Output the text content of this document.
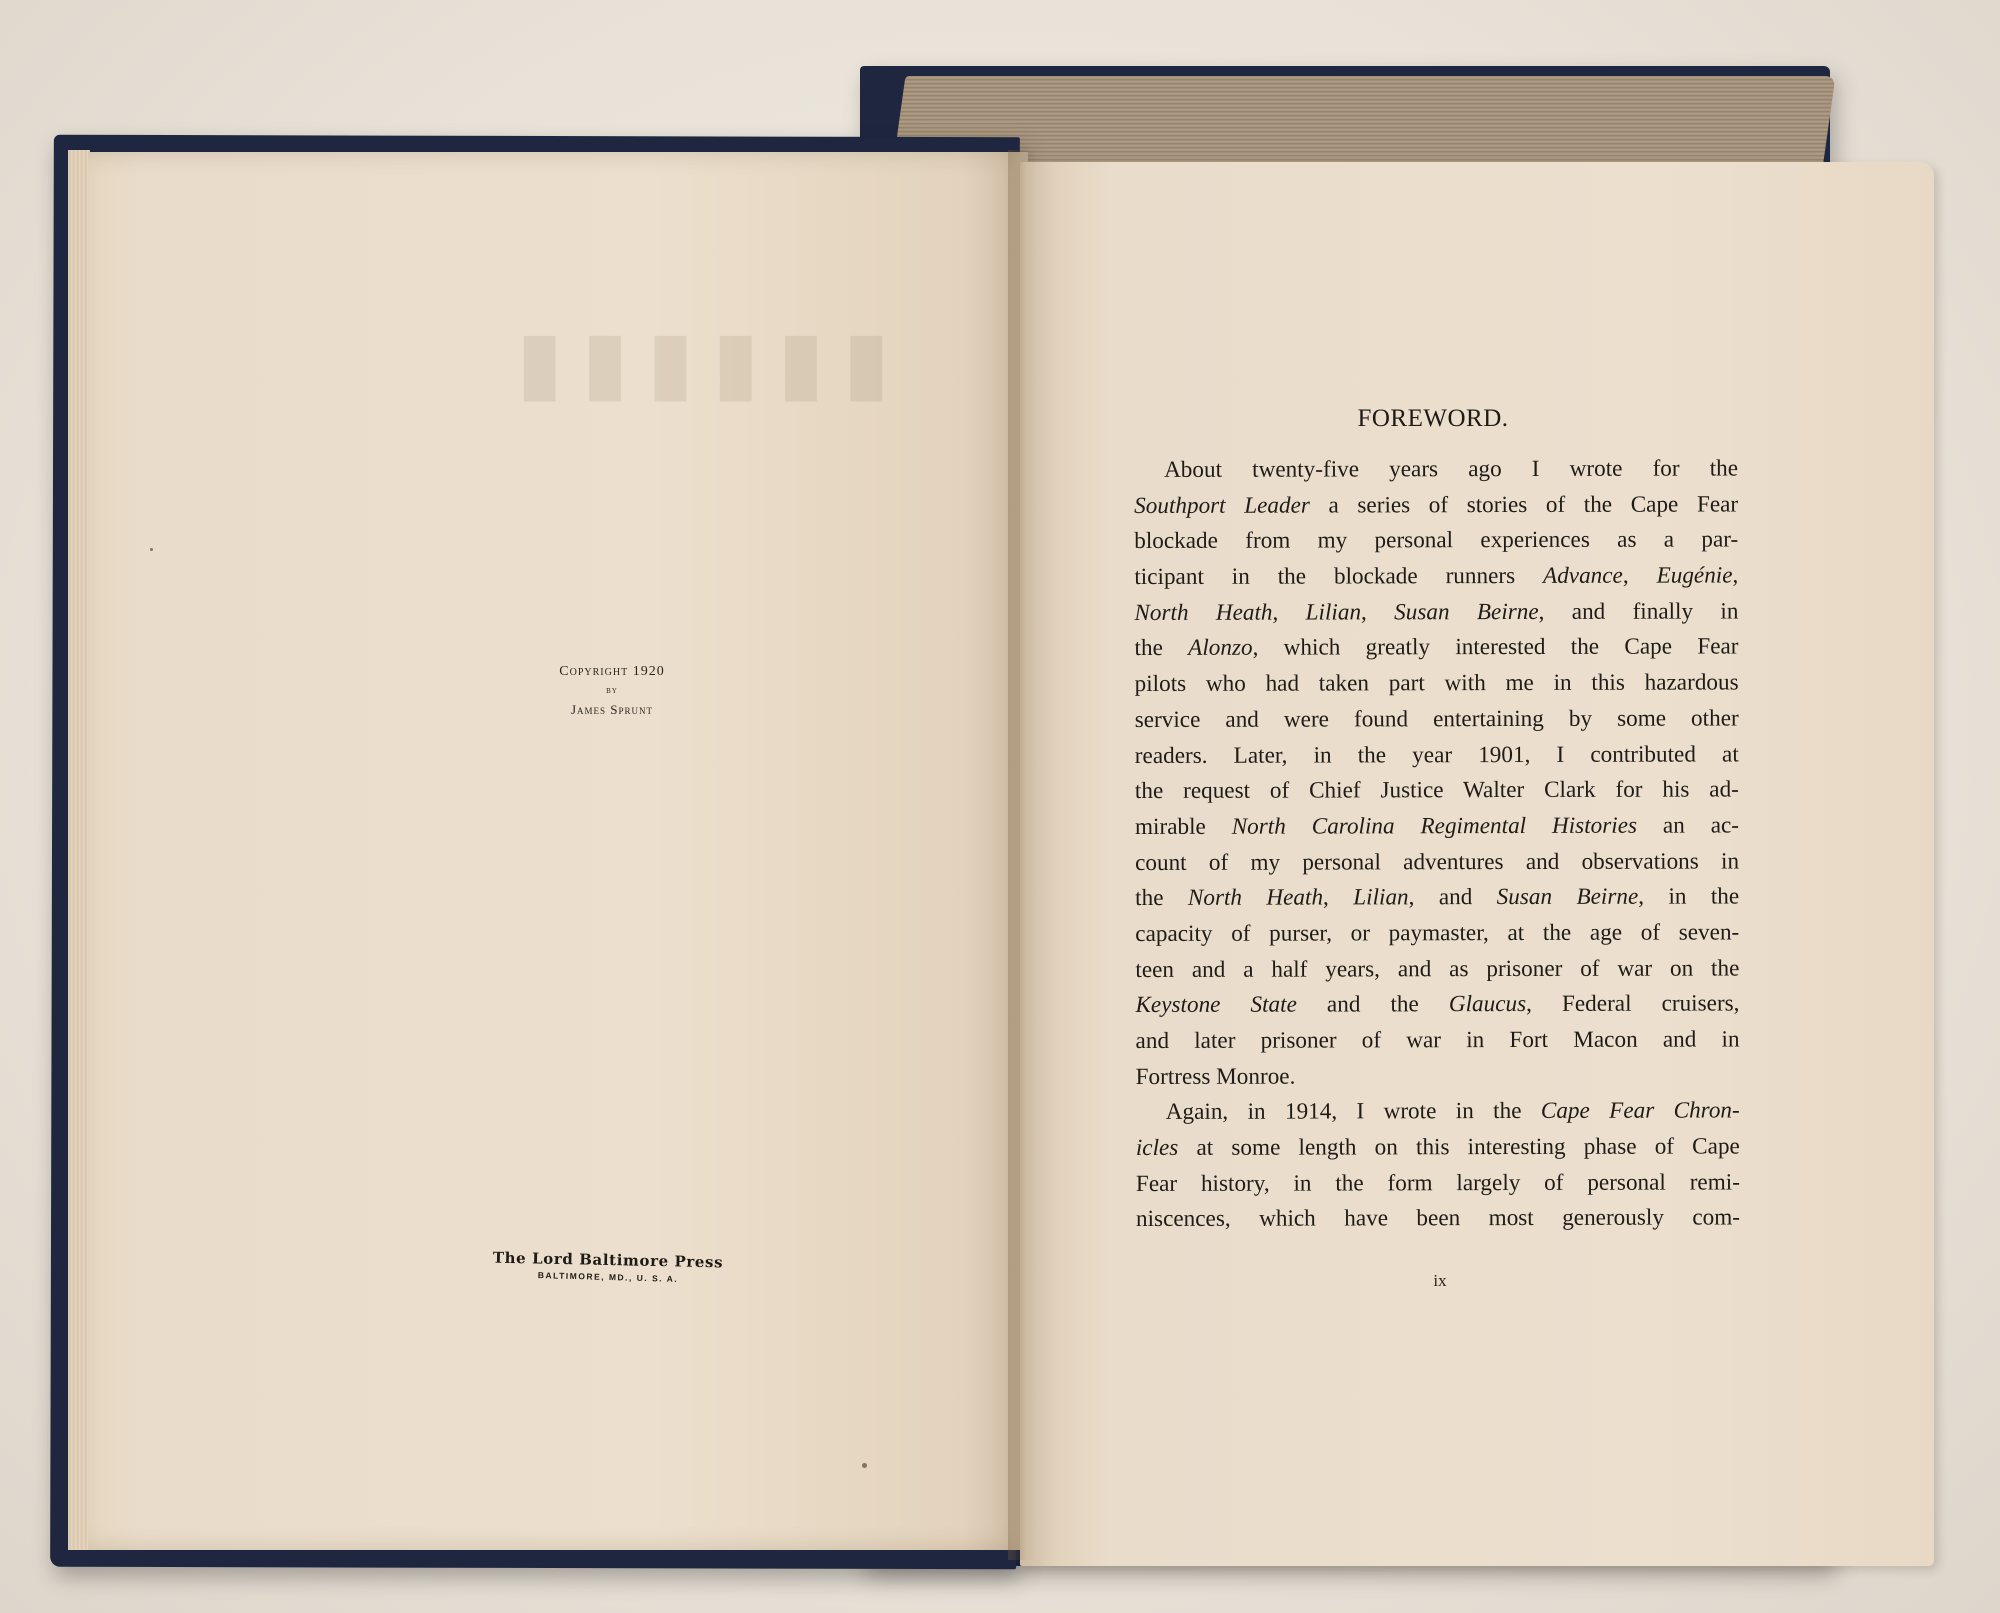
▮▮▮▮▮▮
Copyright 1920
by
James Sprunt
The Lord Baltimore Press
BALTIMORE, MD., U. S. A.
FOREWORD.
About twenty-five years ago I wrote for the
Southport Leader a series of stories of the Cape Fear
blockade from my personal experiences as a par-
ticipant in the blockade runners Advance, Eugénie,
North Heath, Lilian, Susan Beirne, and finally in
the Alonzo, which greatly interested the Cape Fear
pilots who had taken part with me in this hazardous
service and were found entertaining by some other
readers. Later, in the year 1901, I contributed at
the request of Chief Justice Walter Clark for his ad-
mirable North Carolina Regimental Histories an ac-
count of my personal adventures and observations in
the North Heath, Lilian, and Susan Beirne, in the
capacity of purser, or paymaster, at the age of seven-
teen and a half years, and as prisoner of war on the
Keystone State and the Glaucus, Federal cruisers,
and later prisoner of war in Fort Macon and in
Fortress Monroe.
Again, in 1914, I wrote in the Cape Fear Chron-
icles at some length on this interesting phase of Cape
Fear history, in the form largely of personal remi-
niscences, which have been most generously com-
ix
